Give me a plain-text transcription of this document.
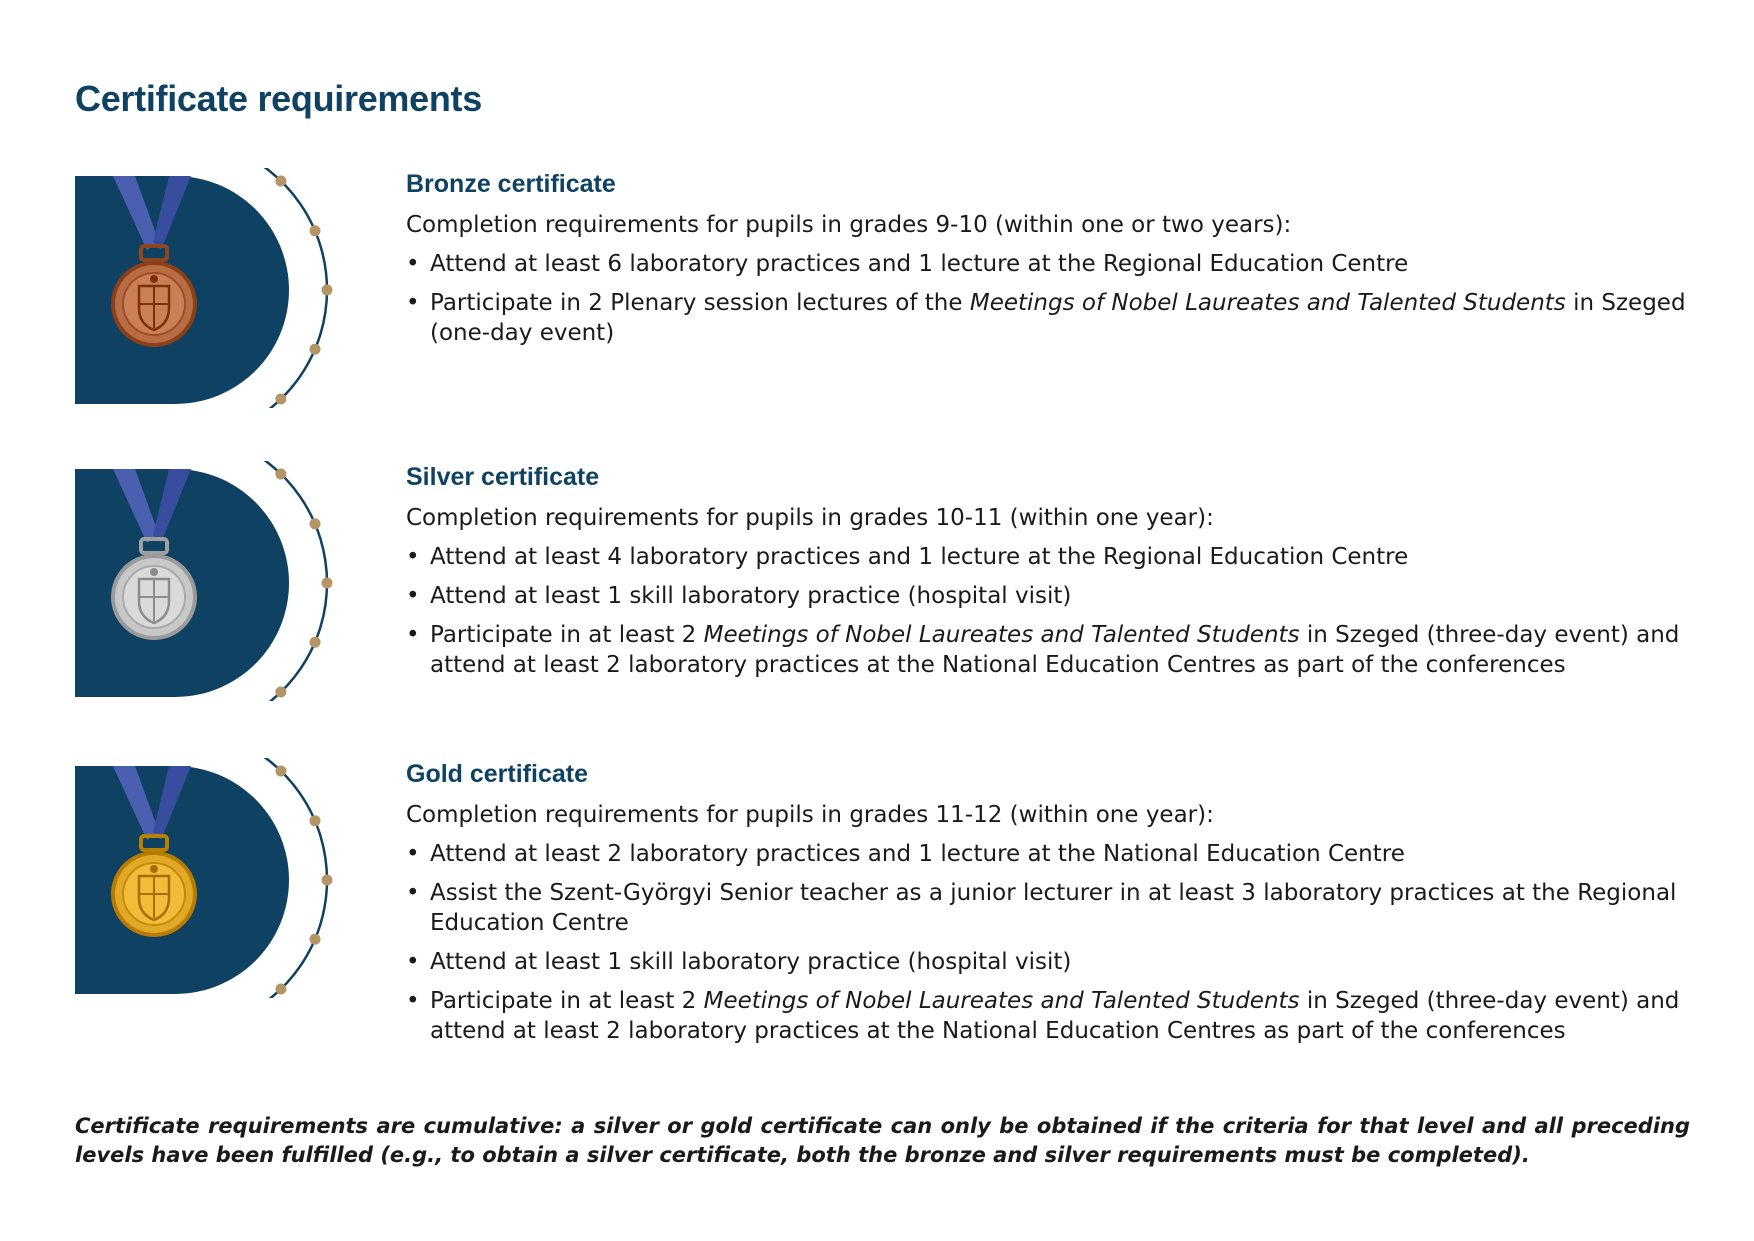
Certificate requirements
Bronze certificate

Completion requirements for pupils in grades 9-10 (within one or two years):

• Attend at least 6 laboratory practices and 1 lecture at the Regional Education Centre
• Participate in 2 Plenary session lectures of the Meetings of Nobel Laureates and Talented Students in Szeged (one-day event)
Silver certificate

Completion requirements for pupils in grades 10-11 (within one year):

• Attend at least 4 laboratory practices and 1 lecture at the Regional Education Centre
• Attend at least 1 skill laboratory practice (hospital visit)
• Participate in at least 2 Meetings of Nobel Laureates and Talented Students in Szeged (three-day event) and attend at least 2 laboratory practices at the National Education Centres as part of the conferences
Gold certificate

Completion requirements for pupils in grades 11-12 (within one year):

• Attend at least 2 laboratory practices and 1 lecture at the National Education Centre
• Assist the Szent-Györgyi Senior teacher as a junior lecturer in at least 3 laboratory practices at the Regional Education Centre
• Attend at least 1 skill laboratory practice (hospital visit)
• Participate in at least 2 Meetings of Nobel Laureates and Talented Students in Szeged (three-day event) and attend at least 2 laboratory practices at the National Education Centres as part of the conferences

Certificate requirements are cumulative: a silver or gold certificate can only be obtained if the criteria for that level and all preceding levels have been fulfilled (e.g., to obtain a silver certificate, both the bronze and silver requirements must be completed).
